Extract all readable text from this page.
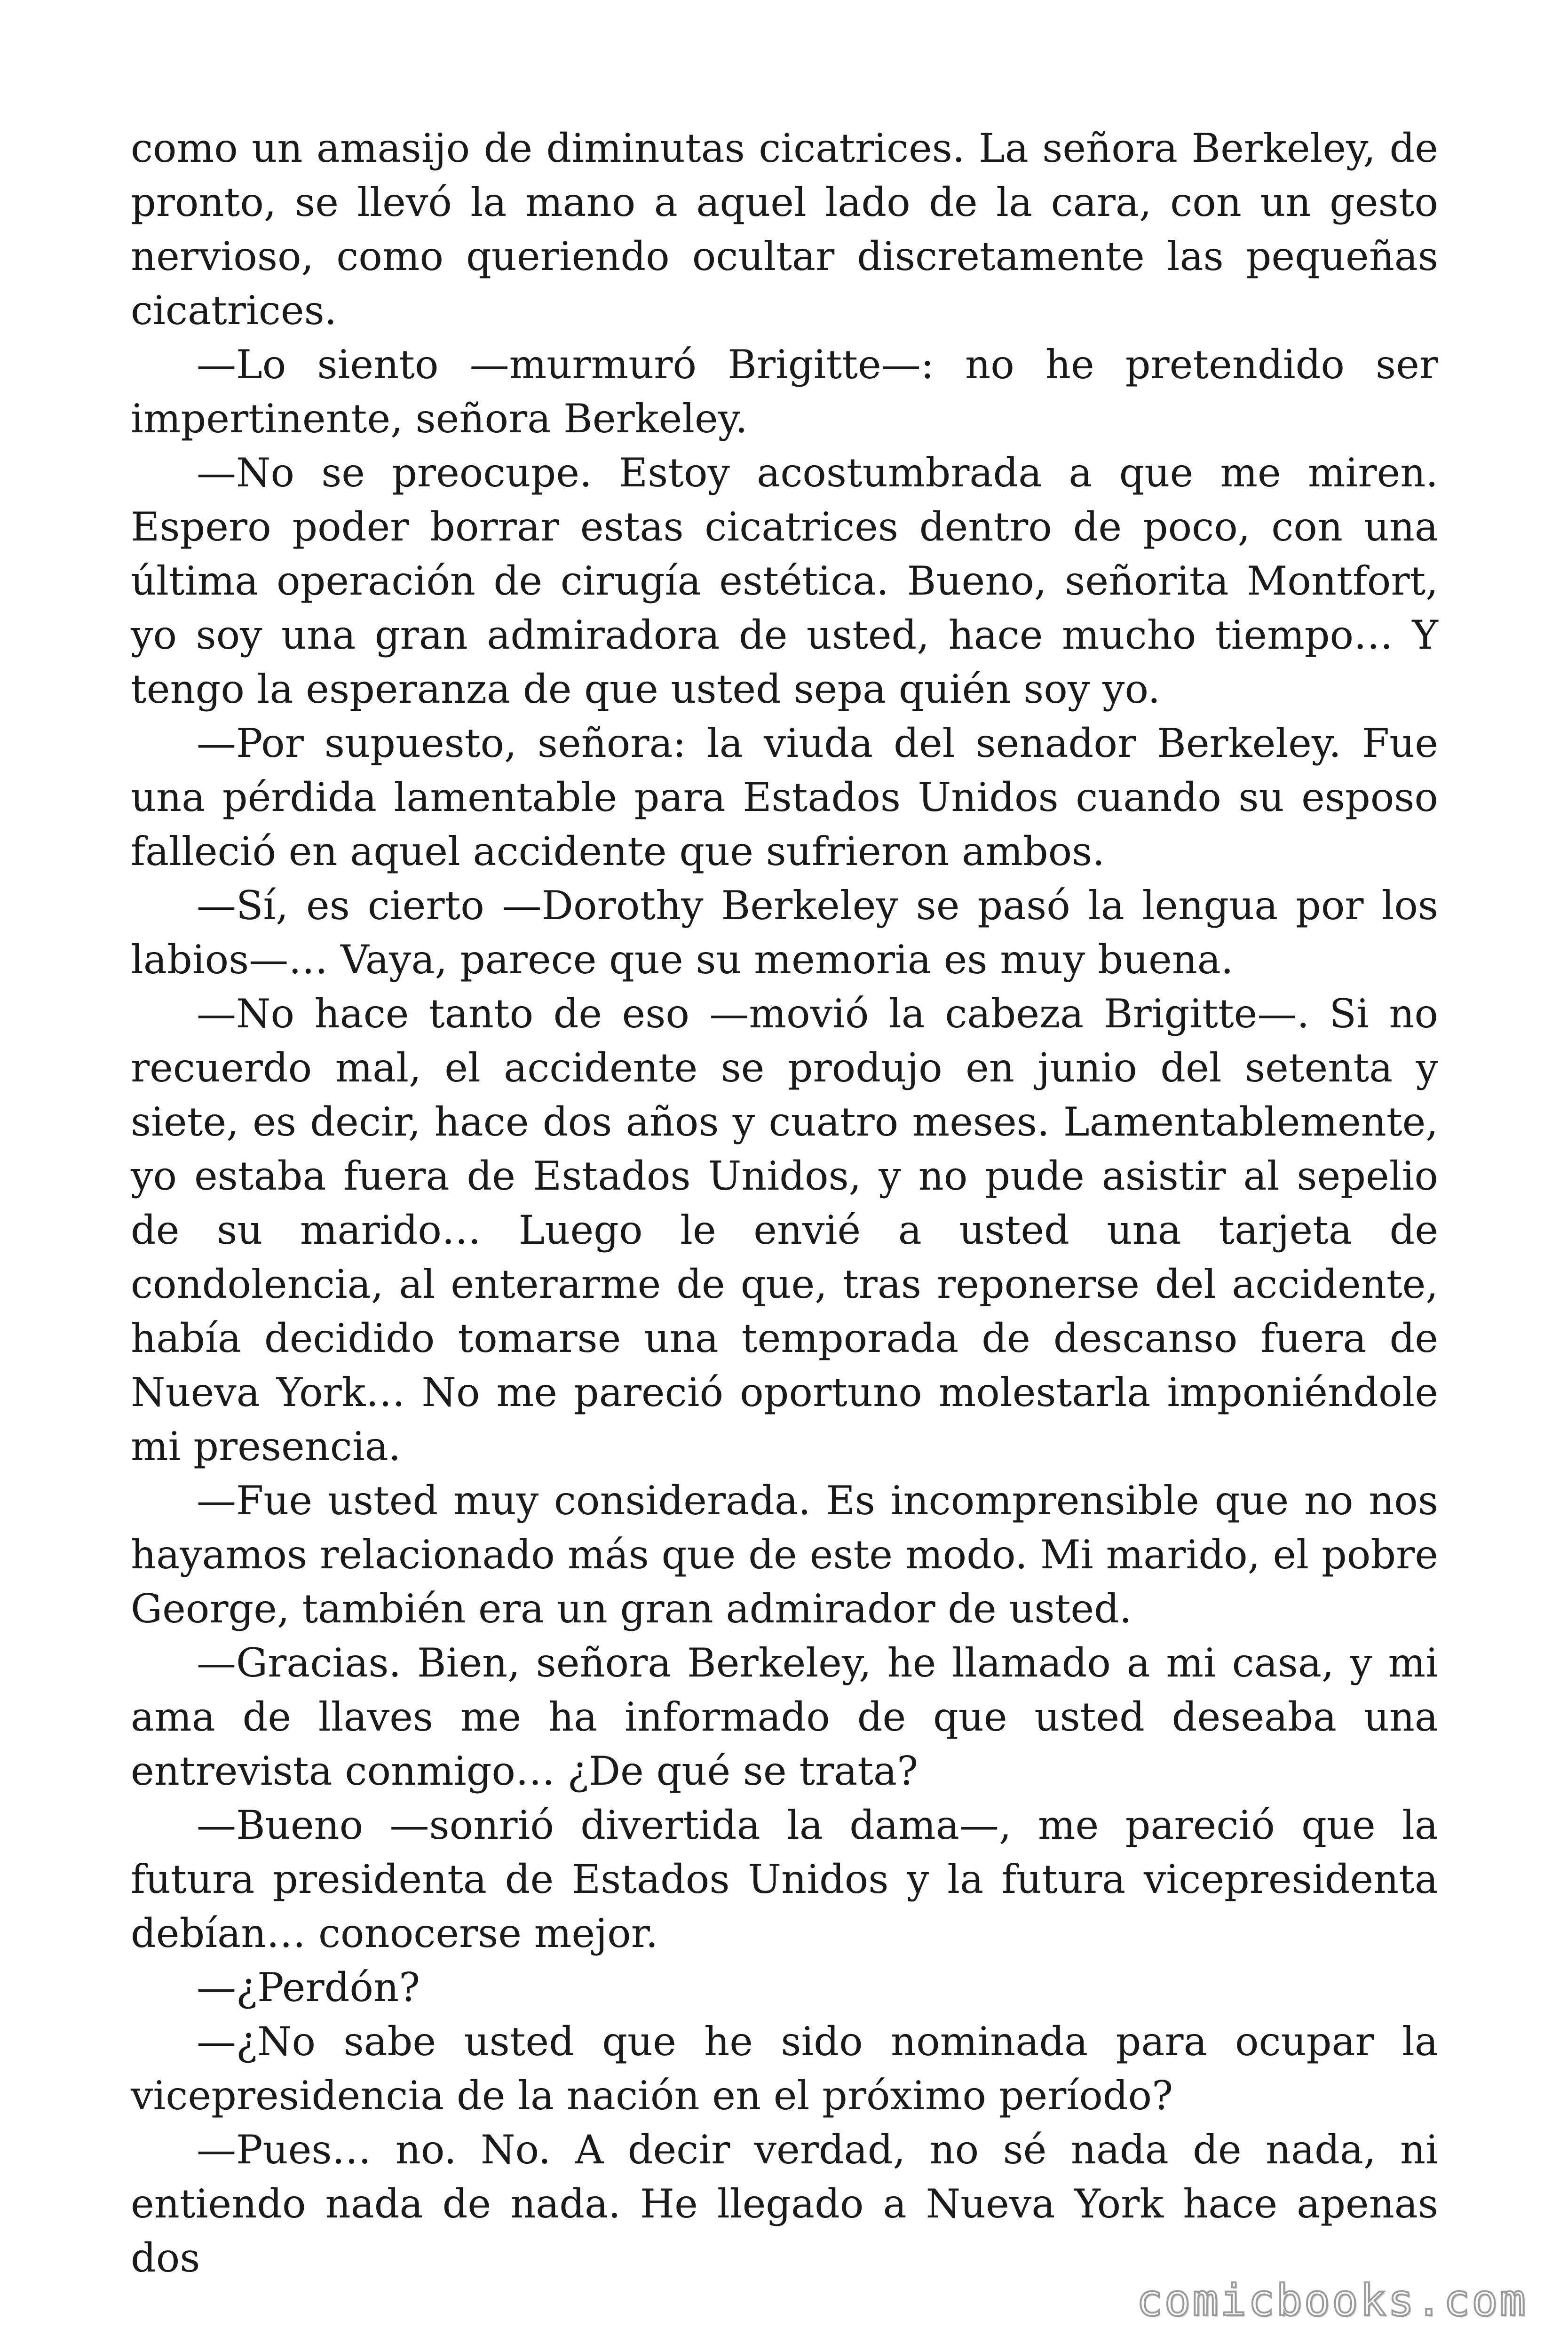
como un amasijo de diminutas cicatrices. La señora Berkeley, de pronto, se llevó la mano a aquel lado de la cara, con un gesto nervioso, como queriendo ocultar discretamente las pequeñas cicatrices.

—Lo siento —murmuró Brigitte—: no he pretendido ser impertinente, señora Berkeley.

—No se preocupe. Estoy acostumbrada a que me miren. Espero poder borrar estas cicatrices dentro de poco, con una última operación de cirugía estética. Bueno, señorita Montfort, yo soy una gran admiradora de usted, hace mucho tiempo… Y tengo la esperanza de que usted sepa quién soy yo.

—Por supuesto, señora: la viuda del senador Berkeley. Fue una pérdida lamentable para Estados Unidos cuando su esposo falleció en aquel accidente que sufrieron ambos.

—Sí, es cierto —Dorothy Berkeley se pasó la lengua por los labios—… Vaya, parece que su memoria es muy buena.

—No hace tanto de eso —movió la cabeza Brigitte—. Si no recuerdo mal, el accidente se produjo en junio del setenta y siete, es decir, hace dos años y cuatro meses. Lamentablemente, yo estaba fuera de Estados Unidos, y no pude asistir al sepelio de su marido… Luego le envié a usted una tarjeta de condolencia, al enterarme de que, tras reponerse del accidente, había decidido tomarse una temporada de descanso fuera de Nueva York… No me pareció oportuno molestarla imponiéndole mi presencia.

—Fue usted muy considerada. Es incomprensible que no nos hayamos relacionado más que de este modo. Mi marido, el pobre George, también era un gran admirador de usted.

—Gracias. Bien, señora Berkeley, he llamado a mi casa, y mi ama de llaves me ha informado de que usted deseaba una entrevista conmigo… ¿De qué se trata?

—Bueno —sonrió divertida la dama—, me pareció que la futura presidenta de Estados Unidos y la futura vicepresidenta debían… conocerse mejor.

—¿Perdón?

—¿No sabe usted que he sido nominada para ocupar la vicepresidencia de la nación en el próximo período?

—Pues… no. No. A decir verdad, no sé nada de nada, ni entiendo nada de nada. He llegado a Nueva York hace apenas dos

comicbooks.com
